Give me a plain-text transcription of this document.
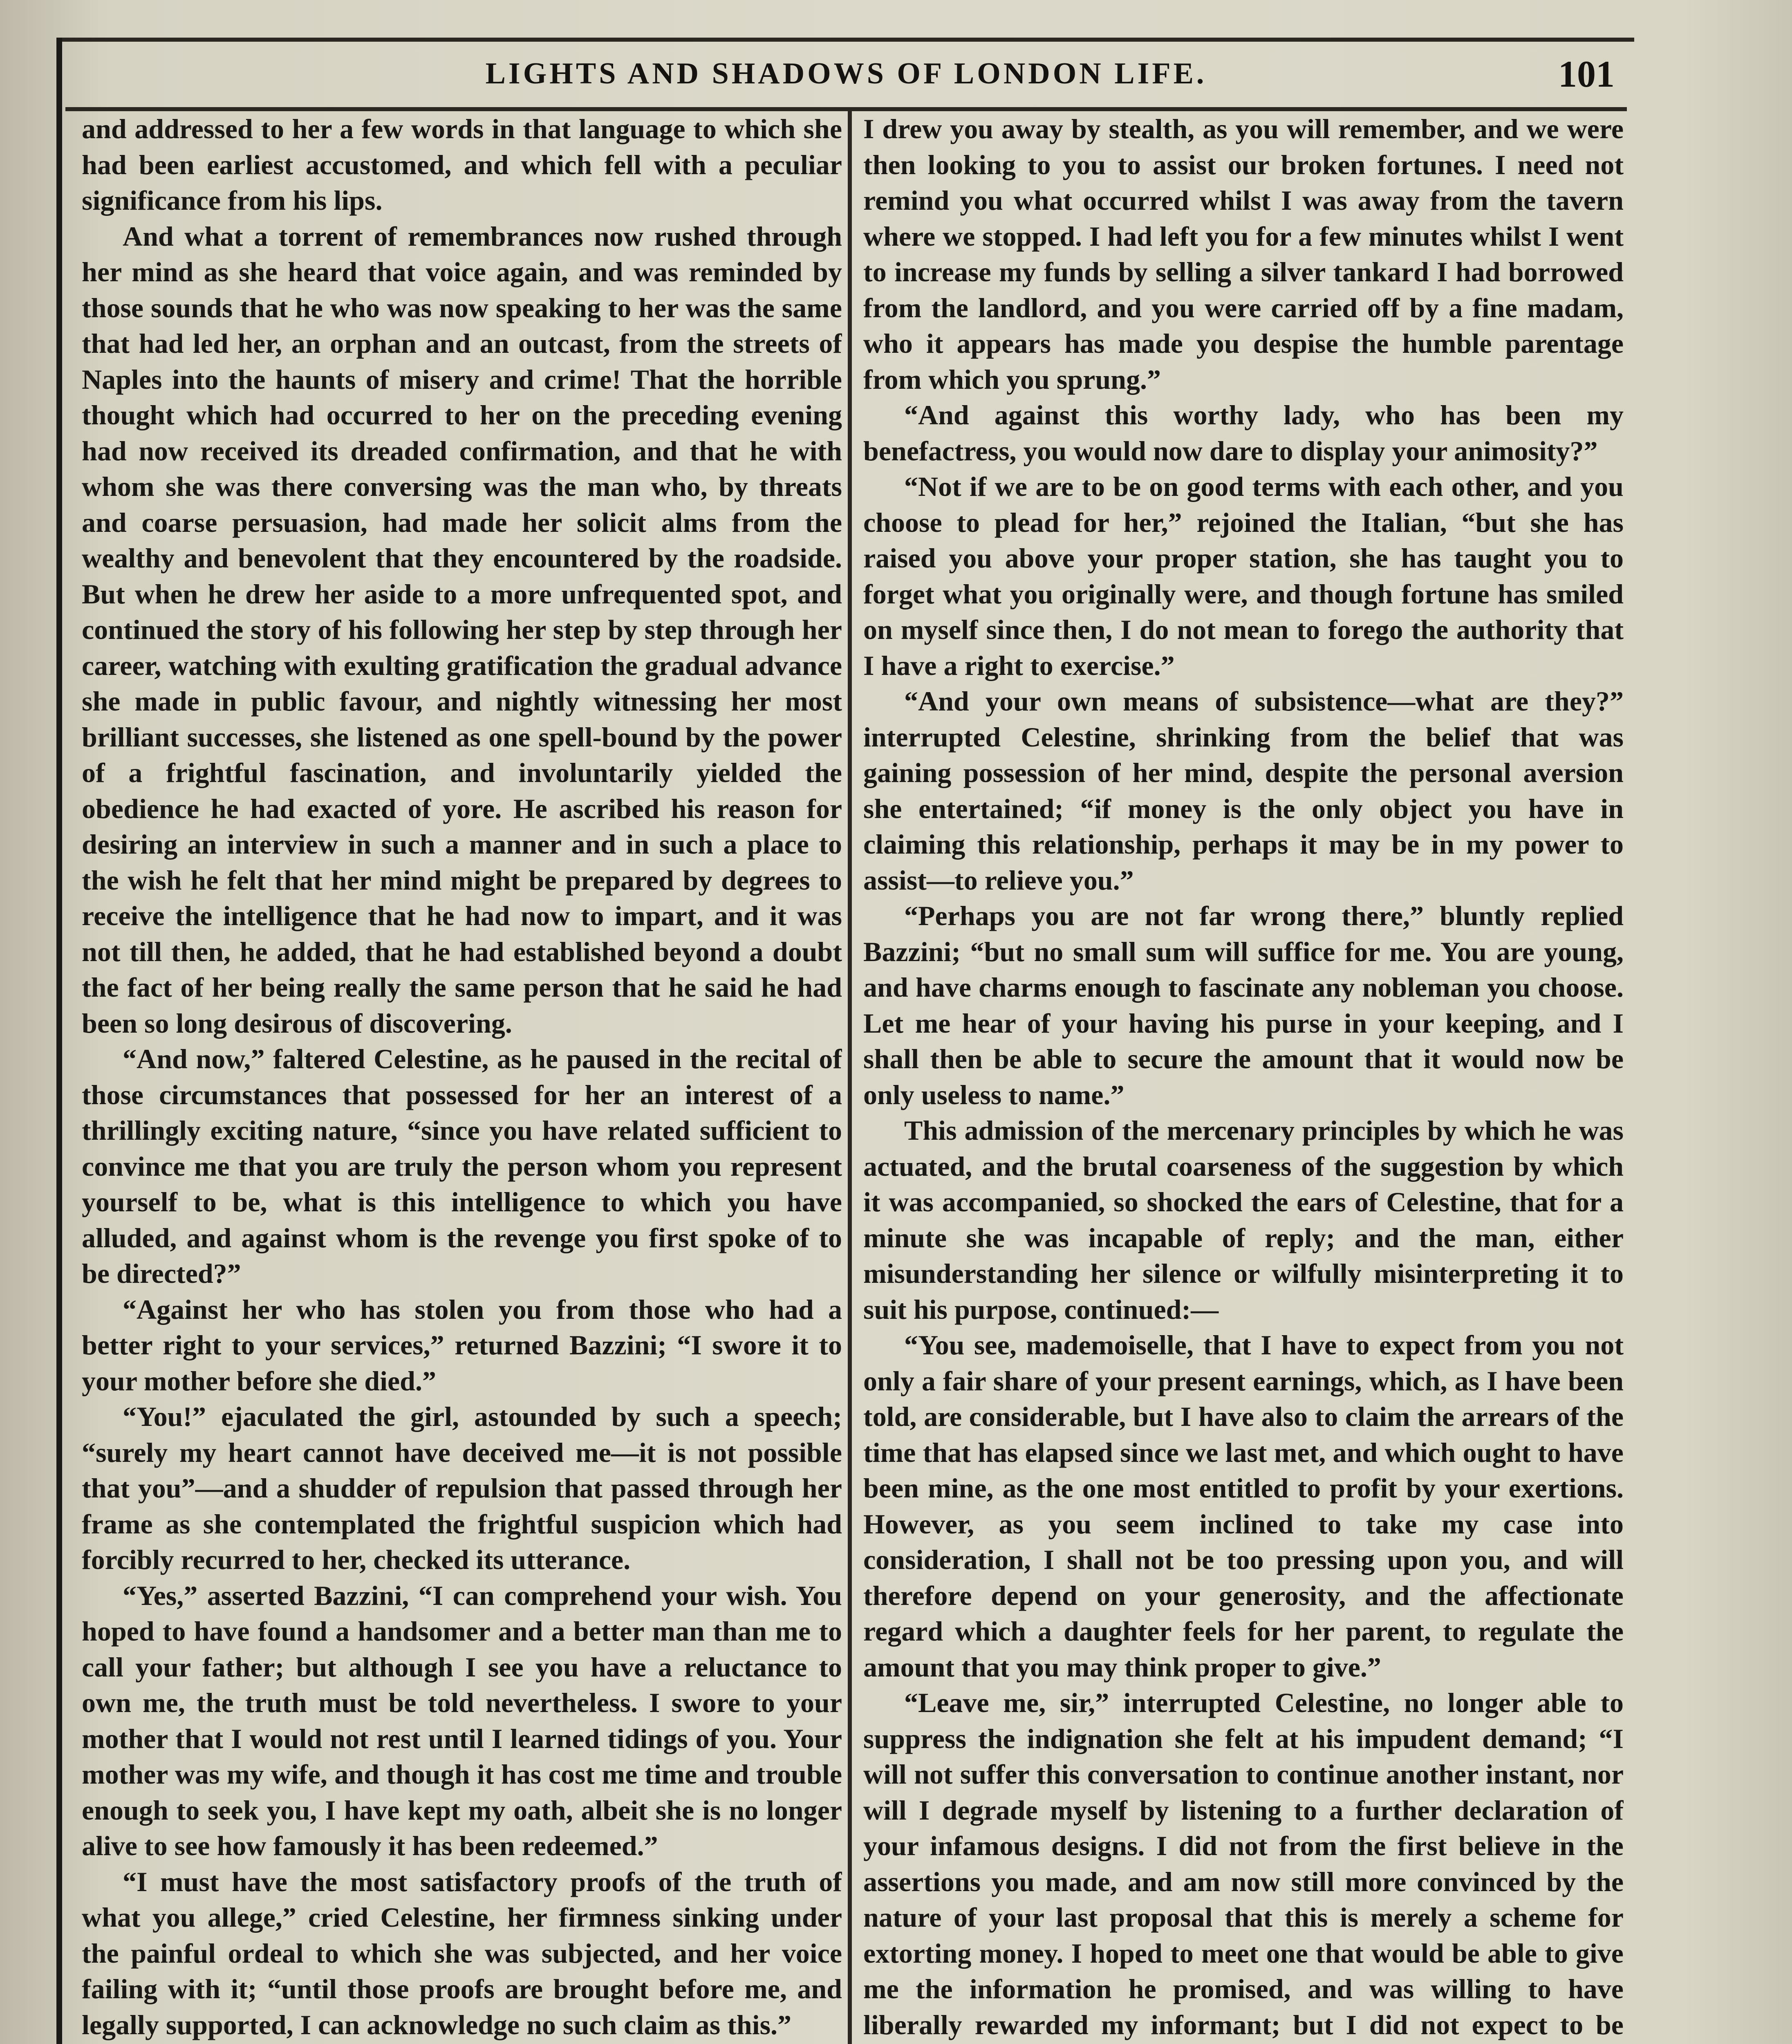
LIGHTS AND SHADOWS OF LONDON LIFE.	101

and addressed to her a few words in that language to which she had been earliest accustomed, and which fell with a peculiar significance from his lips.

And what a torrent of remembrances now rushed through her mind as she heard that voice again, and was reminded by those sounds that he who was now speaking to her was the same that had led her, an orphan and an outcast, from the streets of Naples into the haunts of misery and crime! That the horrible thought which had occurred to her on the preceding evening had now received its dreaded confirmation, and that he with whom she was there conversing was the man who, by threats and coarse persuasion, had made her solicit alms from the wealthy and benevolent that they encountered by the roadside. But when he drew her aside to a more unfrequented spot, and continued the story of his following her step by step through her career, watching with exulting gratification the gradual advance she made in public favour, and nightly witnessing her most brilliant successes, she listened as one spell-bound by the power of a frightful fascination, and involuntarily yielded the obedience he had exacted of yore. He ascribed his reason for desiring an interview in such a manner and in such a place to the wish he felt that her mind might be prepared by degrees to receive the intelligence that he had now to impart, and it was not till then, he added, that he had established beyond a doubt the fact of her being really the same person that he said he had been so long desirous of discovering.

“And now,” faltered Celestine, as he paused in the recital of those circumstances that possessed for her an interest of a thrillingly exciting nature, “since you have related sufficient to convince me that you are truly the person whom you represent yourself to be, what is this intelligence to which you have alluded, and against whom is the revenge you first spoke of to be directed?”

“Against her who has stolen you from those who had a better right to your services,” returned Bazzini; “I swore it to your mother before she died.”

“You!” ejaculated the girl, astounded by such a speech; “surely my heart cannot have deceived me—it is not possible that you”—and a shudder of repulsion that passed through her frame as she contemplated the frightful suspicion which had forcibly recurred to her, checked its utterance.

“Yes,” asserted Bazzini, “I can comprehend your wish. You hoped to have found a handsomer and a better man than me to call your father; but although I see you have a reluctance to own me, the truth must be told nevertheless. I swore to your mother that I would not rest until I learned tidings of you. Your mother was my wife, and though it has cost me time and trouble enough to seek you, I have kept my oath, albeit she is no longer alive to see how famously it has been redeemed.”

“I must have the most satisfactory proofs of the truth of what you allege,” cried Celestine, her firmness sinking under the painful ordeal to which she was subjected, and her voice failing with it; “until those proofs are brought before me, and legally supported, I can acknowledge no such claim as this.”

I drew you away by stealth, as you will remember, and we were then looking to you to assist our broken fortunes. I need not remind you what occurred whilst I was away from the tavern where we stopped. I had left you for a few minutes whilst I went to increase my funds by selling a silver tankard I had borrowed from the landlord, and you were carried off by a fine madam, who it appears has made you despise the humble parentage from which you sprung.”

“And against this worthy lady, who has been my benefactress, you would now dare to display your animosity?”

“Not if we are to be on good terms with each other, and you choose to plead for her,” rejoined the Italian, “but she has raised you above your proper station, she has taught you to forget what you originally were, and though fortune has smiled on myself since then, I do not mean to forego the authority that I have a right to exercise.”

“And your own means of subsistence—what are they?” interrupted Celestine, shrinking from the belief that was gaining possession of her mind, despite the personal aversion she entertained; “if money is the only object you have in claiming this relationship, perhaps it may be in my power to assist—to relieve you.”

“Perhaps you are not far wrong there,” bluntly replied Bazzini; “but no small sum will suffice for me. You are young, and have charms enough to fascinate any nobleman you choose. Let me hear of your having his purse in your keeping, and I shall then be able to secure the amount that it would now be only useless to name.”

This admission of the mercenary principles by which he was actuated, and the brutal coarseness of the suggestion by which it was accompanied, so shocked the ears of Celestine, that for a minute she was incapable of reply; and the man, either misunderstanding her silence or wilfully misinterpreting it to suit his purpose, continued:—

“You see, mademoiselle, that I have to expect from you not only a fair share of your present earnings, which, as I have been told, are considerable, but I have also to claim the arrears of the time that has elapsed since we last met, and which ought to have been mine, as the one most entitled to profit by your exertions. However, as you seem inclined to take my case into consideration, I shall not be too pressing upon you, and will therefore depend on your generosity, and the affectionate regard which a daughter feels for her parent, to regulate the amount that you may think proper to give.”

“Leave me, sir,” interrupted Celestine, no longer able to suppress the indignation she felt at his impudent demand; “I will not suffer this conversation to continue another instant, nor will I degrade myself by listening to a further declaration of your infamous designs. I did not from the first believe in the assertions you made, and am now still more convinced by the nature of your last proposal that this is merely a scheme for extorting money. I hoped to meet one that would be able to give me the information he promised, and was willing to have liberally rewarded my informant; but I did not expect to be
